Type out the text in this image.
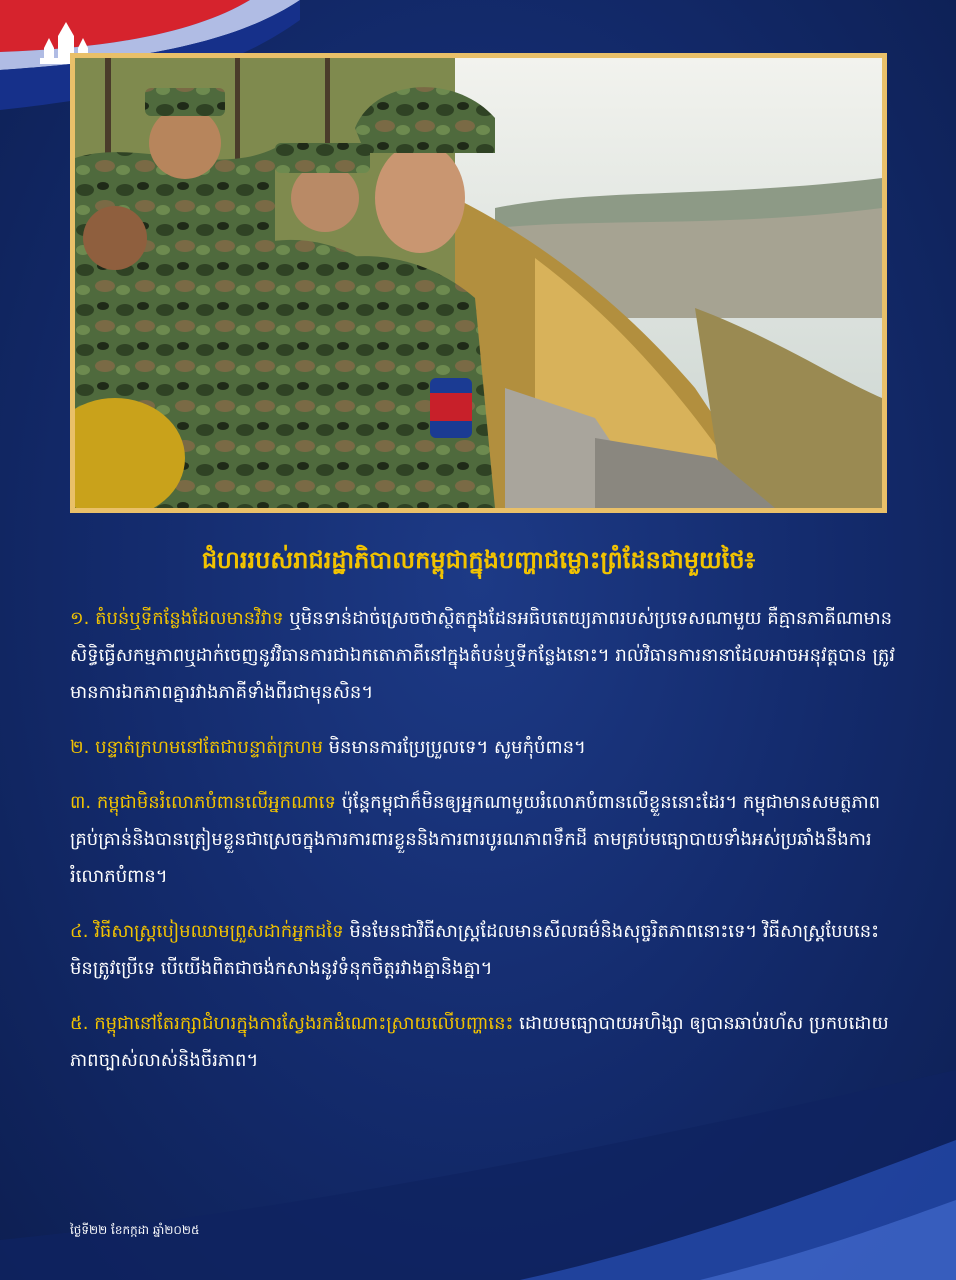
ជំហររបស់រាជរដ្ឋាភិបាលកម្ពុជាក្នុងបញ្ហាជម្លោះព្រំដែនជាមួយថៃ៖

១. តំបន់ឬទីកន្លែងដែលមានវិវាទ ឬមិនទាន់ដាច់ស្រេចថាស្ថិតក្នុងដែនអធិបតេយ្យភាពរបស់ប្រទេសណាមួយ គឺគ្មានភាគីណាមានសិទ្ធិធ្វើសកម្មភាពឬដាក់ចេញនូវវិធានការជាឯកតោភាគីនៅក្នុងតំបន់ឬទីកន្លែងនោះ។ រាល់វិធានការនានាដែលអាចអនុវត្តបាន ត្រូវមានការឯកភាពគ្នារវាងភាគីទាំងពីរជាមុនសិន។

២. បន្ទាត់ក្រហមនៅតែជាបន្ទាត់ក្រហម មិនមានការប្រែប្រួលទេ។ សូមកុំបំពាន។

៣. កម្ពុជាមិនរំលោភបំពានលើអ្នកណាទេ ប៉ុន្តែកម្ពុជាក៏មិនឲ្យអ្នកណាមួយរំលោភបំពានលើខ្លួននោះដែរ។ កម្ពុជាមានសមត្ថភាពគ្រប់គ្រាន់និងបានត្រៀមខ្លួនជាស្រេចក្នុងការការពារខ្លួននិងការពារបូរណភាពទឹកដី តាមគ្រប់មធ្យោបាយទាំងអស់ប្រឆាំងនឹងការរំលោភបំពាន។

៤. វិធីសាស្រ្តបៀមឈាមព្រួសដាក់អ្នកដទៃ មិនមែនជាវិធីសាស្រ្តដែលមានសីលធម៌និងសុច្ចរិតភាពនោះទេ។ វិធីសាស្រ្តបែបនេះមិនត្រូវប្រើទេ បើយើងពិតជាចង់កសាងនូវទំនុកចិត្តរវាងគ្នានិងគ្នា។

៥. កម្ពុជានៅតែរក្សាជំហរក្នុងការស្វែងរកដំណោះស្រាយលើបញ្ហានេះ ដោយមធ្យោបាយអហិង្សា ឲ្យបានឆាប់រហ័ស ប្រកបដោយភាពច្បាស់លាស់និងចីរភាព។

ថ្ងៃទី២២ ខែកក្កដា ឆ្នាំ២០២៥
